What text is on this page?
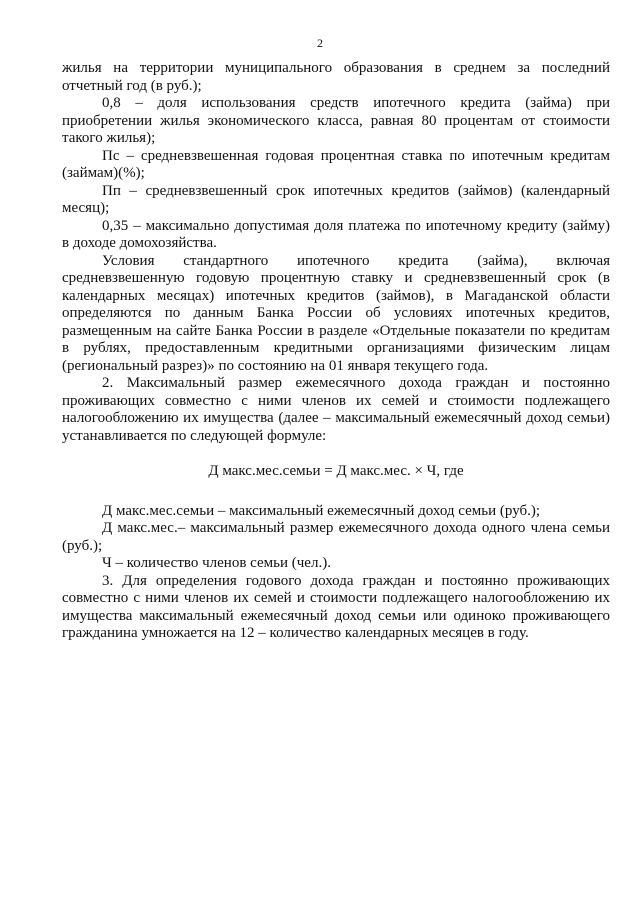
2

жилья на территории муниципального образования в среднем за последний отчетный год (в руб.);

0,8 – доля использования средств ипотечного кредита (займа) при приобретении жилья экономического класса, равная 80 процентам от стоимости такого жилья);

Пс – средневзвешенная годовая процентная ставка по ипотечным кредитам (займам)(%);

Пп – средневзвешенный срок ипотечных кредитов (займов) (календарный месяц);

0,35 – максимально допустимая доля платежа по ипотечному кредиту (займу) в доходе домохозяйства.

Условия стандартного ипотечного кредита (займа), включая средневзвешенную годовую процентную ставку и средневзвешенный срок (в календарных месяцах) ипотечных кредитов (займов), в Магаданской области определяются по данным Банка России об условиях ипотечных кредитов, размещенным на сайте Банка России в разделе «Отдельные показатели по кредитам в рублях, предоставленным кредитными организациями физическим лицам (региональный разрез)» по состоянию на 01 января текущего года.

2. Максимальный размер ежемесячного дохода граждан и постоянно проживающих совместно с ними членов их семей и стоимости подлежащего налогообложению их имущества (далее – максимальный ежемесячный доход семьи) устанавливается по следующей формуле:

Д макс.мес.семьи = Д макс.мес. × Ч, где

Д макс.мес.семьи – максимальный ежемесячный доход семьи (руб.);

Д макс.мес.– максимальный размер ежемесячного дохода одного члена семьи (руб.);

Ч – количество членов семьи (чел.).

3. Для определения годового дохода граждан и постоянно проживающих совместно с ними членов их семей и стоимости подлежащего налогообложению их имущества максимальный ежемесячный доход семьи или одиноко проживающего гражданина умножается на 12 – количество календарных месяцев в году.
